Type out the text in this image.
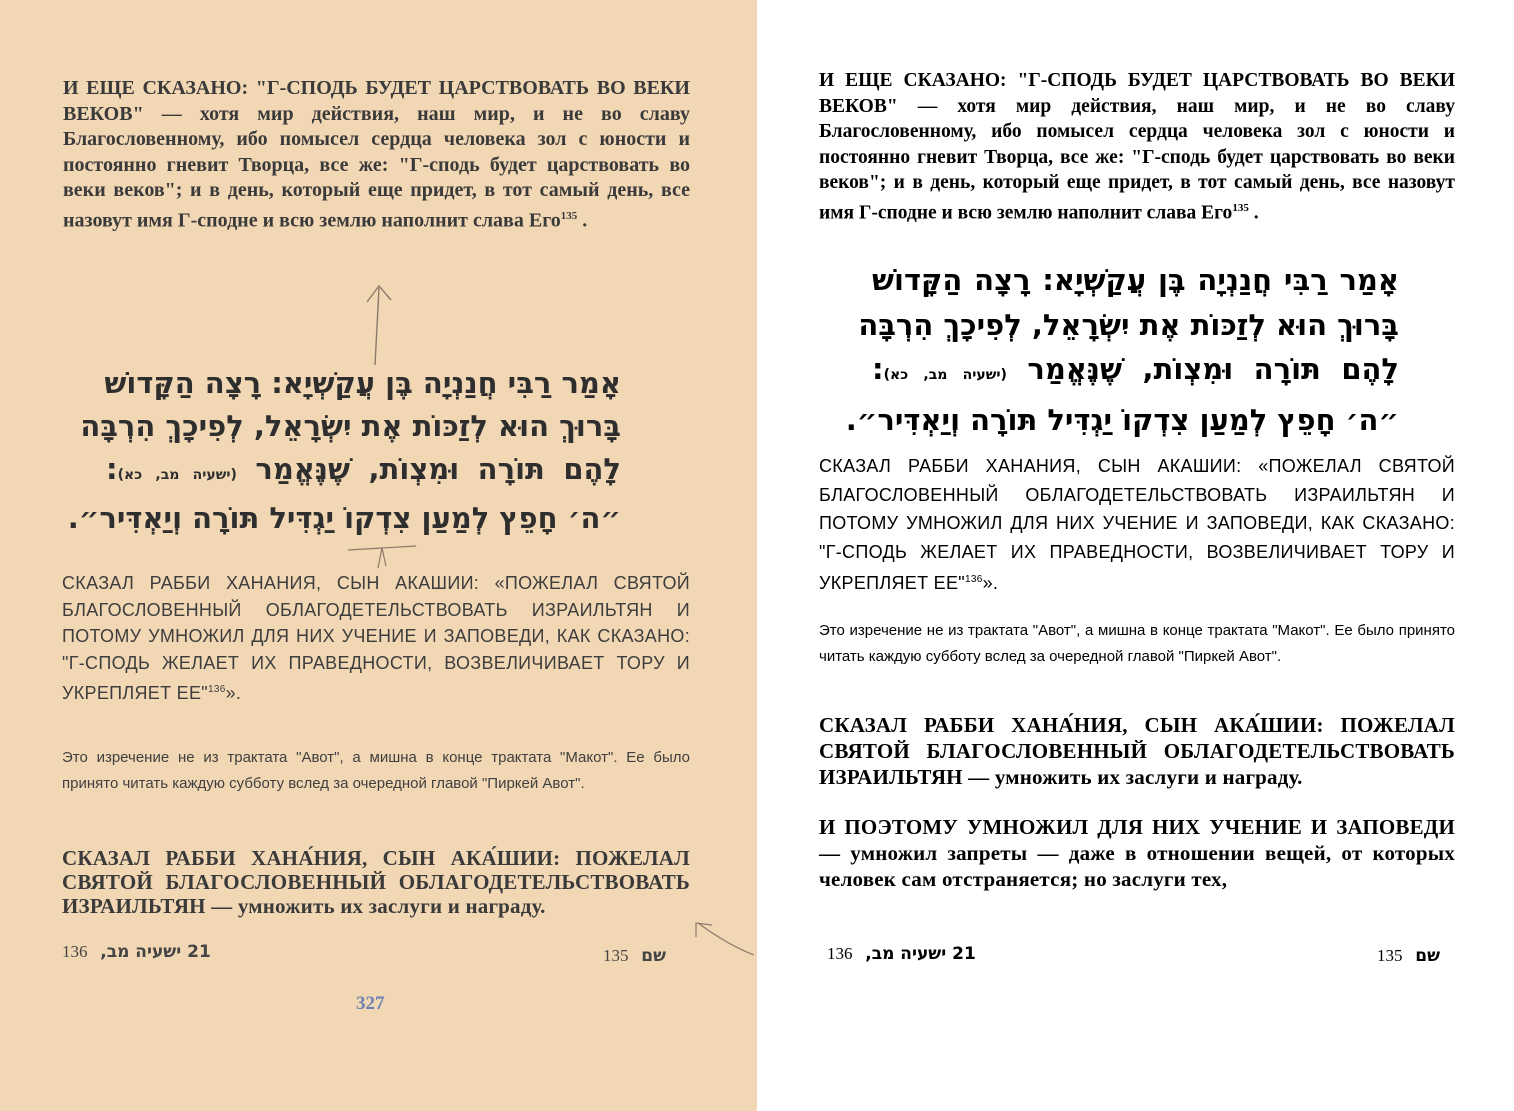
И ЕЩЕ СКАЗАНО: "Г-СПОДЬ БУДЕТ ЦАРСТВОВАТЬ ВО ВЕКИ ВЕКОВ" — хотя мир действия, наш мир, и не во славу Благословенному, ибо помысел сердца человека зол с юности и постоянно гневит Творца, все же: "Г-сподь будет царствовать во веки веков"; и в день, который еще придет, в тот самый день, все назовут имя Г-сподне и всю землю наполнит слава Его$^{135}$ .

אָמַר רַבִּי חֲנַנְיָה בֶּן עֲקַשְׁיָא: רָצָה הַקָּדוֹשׁ
בָּרוּךְ הוּא לְזַכּוֹת אֶת יִשְׂרָאֵל, לְפִיכָךְ הִרְבָּה
לָהֶם תּוֹרָה וּמִצְוֹת, שֶׁנֶּאֱמַר (ישעיה מב, כא):
״ה׳ חָפֵץ לְמַעַן צִדְקוֹ יַגְדִּיל תּוֹרָה וְיַאְדִּיר״.

СКАЗАЛ РАББИ ХАНАНИЯ, СЫН АКАШИИ: «ПОЖЕЛАЛ СВЯТОЙ БЛАГОСЛОВЕННЫЙ ОБЛАГОДЕТЕЛЬСТВОВАТЬ ИЗРАИЛЬТЯН И ПОТОМУ УМНОЖИЛ ДЛЯ НИХ УЧЕНИЕ И ЗАПОВЕДИ, КАК СКАЗАНО: "Г-СПОДЬ ЖЕЛАЕТ ИХ ПРАВЕДНОСТИ, ВОЗВЕЛИЧИВАЕТ ТОРУ И УКРЕПЛЯЕТ ЕЕ"$^{136}$».

Это изречение не из трактата "Авот", а мишна в конце трактата "Макот". Ее было принято читать каждую субботу вслед за очередной главой "Пиркей Авот".

СКАЗАЛ РАББИ ХАНА́НИЯ, СЫН АКА́ШИИ: ПОЖЕЛАЛ СВЯТОЙ БЛАГОСЛОВЕННЫЙ ОБЛАГОДЕТЕЛЬСТВОВАТЬ ИЗРАИЛЬТЯН — умножить их заслуги и награду.

21 ישעיה מב,   136	שם   135
327

И ЕЩЕ СКАЗАНО: "Г-СПОДЬ БУДЕТ ЦАРСТВОВАТЬ ВО ВЕКИ ВЕКОВ" — хотя мир действия, наш мир, и не во славу Благословенному, ибо помысел сердца человека зол с юности и постоянно гневит Творца, все же: "Г-сподь будет царствовать во веки веков"; и в день, который еще придет, в тот самый день, все назовут имя Г-сподне и всю землю наполнит слава Его$^{135}$ .

אָמַר רַבִּי חֲנַנְיָה בֶּן עֲקַשְׁיָא: רָצָה הַקָּדוֹשׁ
בָּרוּךְ הוּא לְזַכּוֹת אֶת יִשְׂרָאֵל, לְפִיכָךְ הִרְבָּה
לָהֶם תּוֹרָה וּמִצְוֹת, שֶׁנֶּאֱמַר (ישעיה מב, כא):
״ה׳ חָפֵץ לְמַעַן צִדְקוֹ יַגְדִּיל תּוֹרָה וְיַאְדִּיר״.

СКАЗАЛ РАББИ ХАНАНИЯ, СЫН АКАШИИ: «ПОЖЕЛАЛ СВЯТОЙ БЛАГОСЛОВЕННЫЙ ОБЛАГОДЕТЕЛЬСТВОВАТЬ ИЗРАИЛЬТЯН И ПОТОМУ УМНОЖИЛ ДЛЯ НИХ УЧЕНИЕ И ЗАПОВЕДИ, КАК СКАЗАНО: "Г-СПОДЬ ЖЕЛАЕТ ИХ ПРАВЕДНОСТИ, ВОЗВЕЛИЧИВАЕТ ТОРУ И УКРЕПЛЯЕТ ЕЕ"$^{136}$».

Это изречение не из трактата "Авот", а мишна в конце трактата "Макот". Ее было принято читать каждую субботу вслед за очередной главой "Пиркей Авот".

СКАЗАЛ РАББИ ХАНА́НИЯ, СЫН АКА́ШИИ: ПОЖЕЛАЛ СВЯТОЙ БЛАГОСЛОВЕННЫЙ ОБЛАГОДЕТЕЛЬСТВОВАТЬ ИЗРАИЛЬТЯН — умножить их заслуги и награду.

И ПОЭТОМУ УМНОЖИЛ ДЛЯ НИХ УЧЕНИЕ И ЗАПОВЕДИ — умножил запреты — даже в отношении вещей, от которых человек сам отстраняется; но заслуги тех,

21 ישעיה מב,   136	שם   135
